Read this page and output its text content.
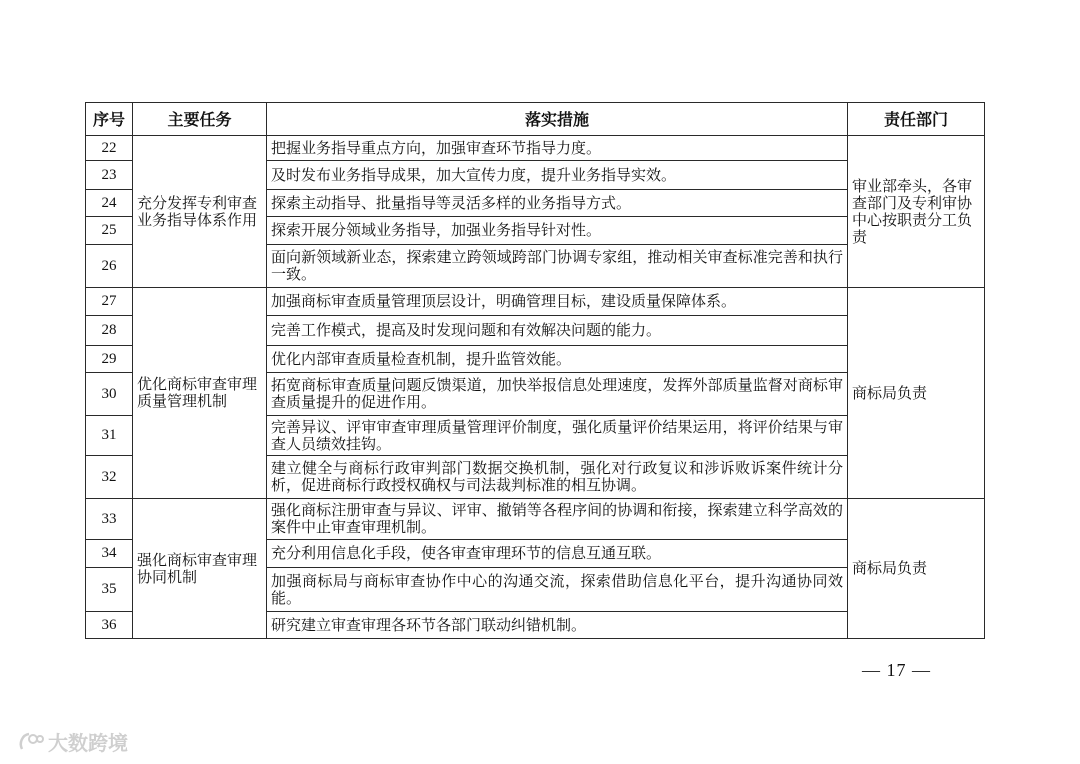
序号	主要任务	落实措施	责任部门
22	充分发挥专利审查业务指导体系作用	把握业务指导重点方向，加强审查环节指导力度。	审业部牵头，各审查部门及专利审协中心按职责分工负责
23		及时发布业务指导成果，加大宣传力度，提升业务指导实效。	
24		探索主动指导、批量指导等灵活多样的业务指导方式。	
25		探索开展分领域业务指导，加强业务指导针对性。	
26		面向新领域新业态，探索建立跨领域跨部门协调专家组，推动相关审查标准完善和执行一致。	
27	优化商标审查审理质量管理机制	加强商标审查质量管理顶层设计，明确管理目标，建设质量保障体系。	商标局负责
28		完善工作模式，提高及时发现问题和有效解决问题的能力。	
29		优化内部审查质量检查机制，提升监管效能。	
30		拓宽商标审查质量问题反馈渠道，加快举报信息处理速度，发挥外部质量监督对商标审查质量提升的促进作用。	
31		完善异议、评审审查审理质量管理评价制度，强化质量评价结果运用，将评价结果与审查人员绩效挂钩。	
32		建立健全与商标行政审判部门数据交换机制，强化对行政复议和涉诉败诉案件统计分析，促进商标行政授权确权与司法裁判标准的相互协调。	
33	强化商标审查审理协同机制	强化商标注册审查与异议、评审、撤销等各程序间的协调和衔接，探索建立科学高效的案件中止审查审理机制。	商标局负责
34		充分利用信息化手段，使各审查审理环节的信息互通互联。	
35		加强商标局与商标审查协作中心的沟通交流，探索借助信息化平台，提升沟通协同效能。	
36		研究建立审查审理各环节各部门联动纠错机制。	
— 17 —
大数跨境
